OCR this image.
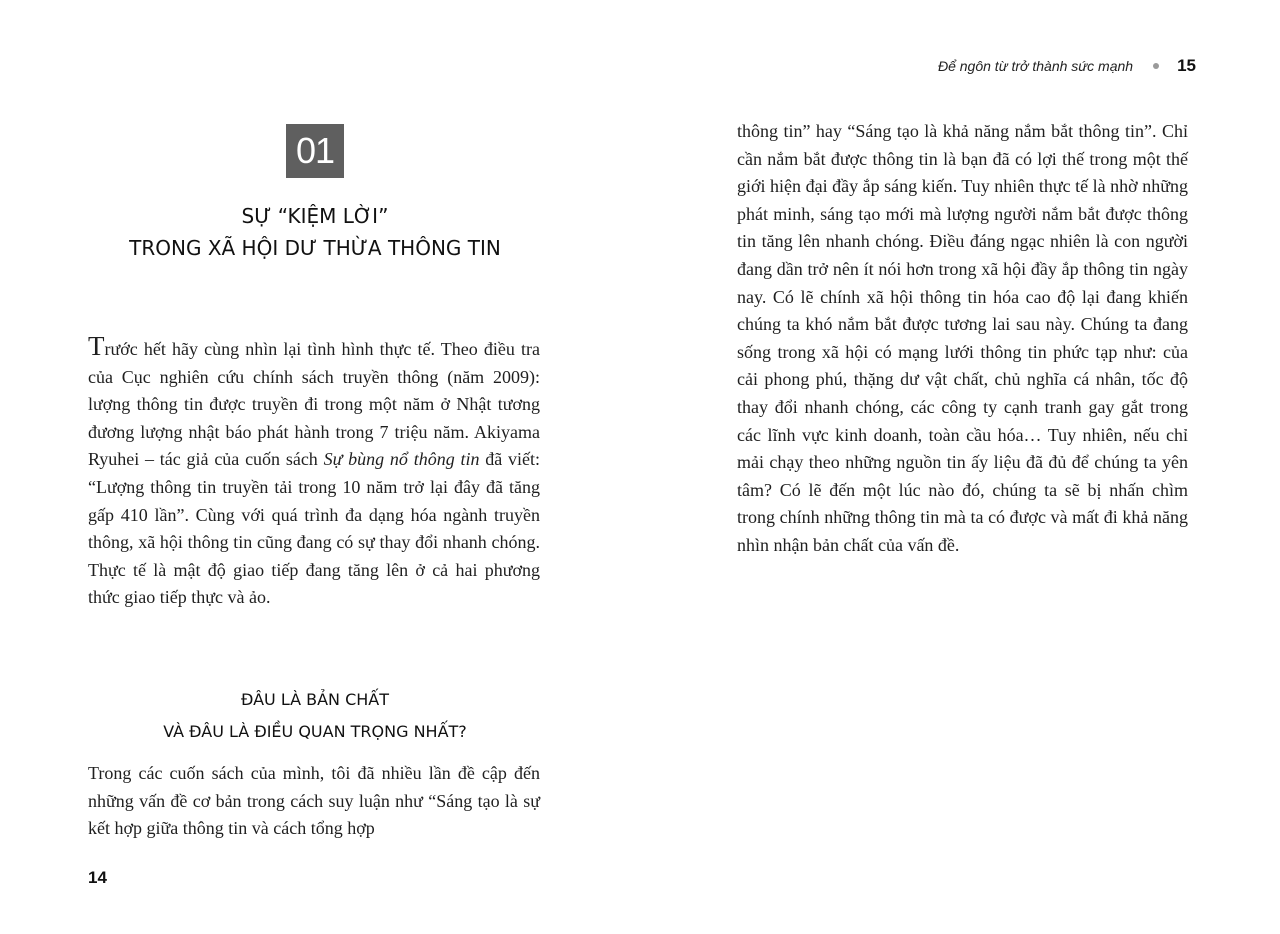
Để ngôn từ trở thành sức mạnh	15
01
SỰ “KIỆM LỜI”
TRONG XÃ HỘI DƯ THỪA THÔNG TIN

Trước hết hãy cùng nhìn lại tình hình thực tế. Theo điều tra của Cục nghiên cứu chính sách truyền thông (năm 2009): lượng thông tin được truyền đi trong một năm ở Nhật tương đương lượng nhật báo phát hành trong 7 triệu năm. Akiyama Ryuhei – tác giả của cuốn sách Sự bùng nổ thông tin đã viết: “Lượng thông tin truyền tải trong 10 năm trở lại đây đã tăng gấp 410 lần”. Cùng với quá trình đa dạng hóa ngành truyền thông, xã hội thông tin cũng đang có sự thay đổi nhanh chóng. Thực tế là mật độ giao tiếp đang tăng lên ở cả hai phương thức giao tiếp thực và ảo.

ĐÂU LÀ BẢN CHẤT
VÀ ĐÂU LÀ ĐIỀU QUAN TRỌNG NHẤT?

Trong các cuốn sách của mình, tôi đã nhiều lần đề cập đến những vấn đề cơ bản trong cách suy luận như “Sáng tạo là sự kết hợp giữa thông tin và cách tổng hợp

14

thông tin” hay “Sáng tạo là khả năng nắm bắt thông tin”. Chỉ cần nắm bắt được thông tin là bạn đã có lợi thế trong một thế giới hiện đại đầy ắp sáng kiến. Tuy nhiên thực tế là nhờ những phát minh, sáng tạo mới mà lượng người nắm bắt được thông tin tăng lên nhanh chóng. Điều đáng ngạc nhiên là con người đang dần trở nên ít nói hơn trong xã hội đầy ắp thông tin ngày nay. Có lẽ chính xã hội thông tin hóa cao độ lại đang khiến chúng ta khó nắm bắt được tương lai sau này. Chúng ta đang sống trong xã hội có mạng lưới thông tin phức tạp như: của cải phong phú, thặng dư vật chất, chủ nghĩa cá nhân, tốc độ thay đổi nhanh chóng, các công ty cạnh tranh gay gắt trong các lĩnh vực kinh doanh, toàn cầu hóa… Tuy nhiên, nếu chỉ mải chạy theo những nguồn tin ấy liệu đã đủ để chúng ta yên tâm? Có lẽ đến một lúc nào đó, chúng ta sẽ bị nhấn chìm trong chính những thông tin mà ta có được và mất đi khả năng nhìn nhận bản chất của vấn đề.
